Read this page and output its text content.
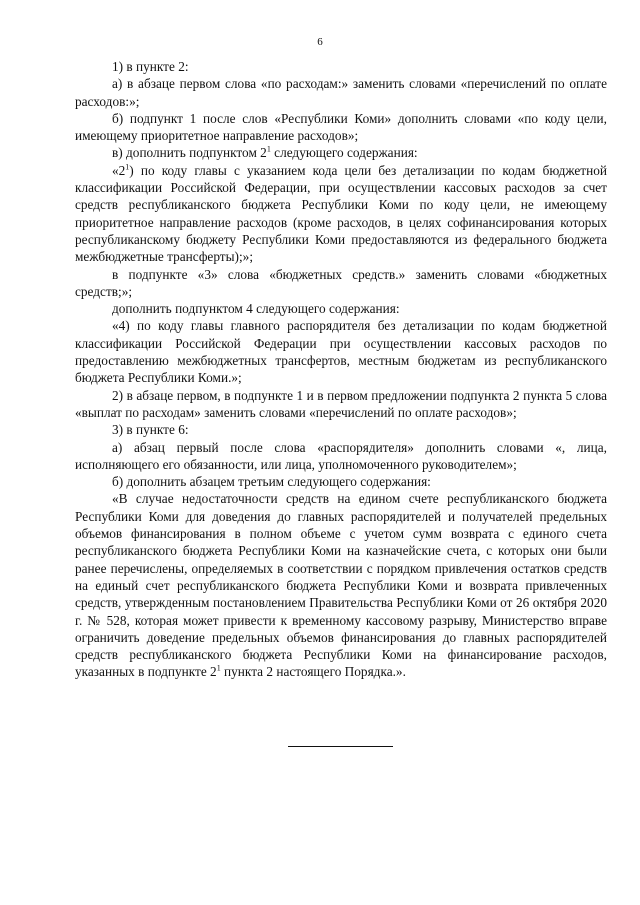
6

1) в пункте 2:

а) в абзаце первом слова «по расходам:» заменить словами «перечислений по оплате расходов:»;

б) подпункт 1 после слов «Республики Коми» дополнить словами «по коду цели, имеющему приоритетное направление расходов»;

в) дополнить подпунктом $2^1$ следующего содержания:

«$2^1$) по коду главы с указанием кода цели без детализации по кодам бюджетной классификации Российской Федерации, при осуществлении кассовых расходов за счет средств республиканского бюджета Республики Коми по коду цели, не имеющему приоритетное направление расходов (кроме расходов, в целях софинансирования которых республиканскому бюджету Республики Коми предоставляются из федерального бюджета межбюджетные трансферты);»;

в подпункте «3» слова «бюджетных средств.» заменить словами «бюджетных средств;»;

дополнить подпунктом 4 следующего содержания:

«4) по коду главы главного распорядителя без детализации по кодам бюджетной классификации Российской Федерации при осуществлении кассовых расходов по предоставлению межбюджетных трансфертов, местным бюджетам из республиканского бюджета Республики Коми.»;

2) в абзаце первом, в подпункте 1 и в первом предложении подпункта 2 пункта 5 слова «выплат по расходам» заменить словами «перечислений по оплате расходов»;

3) в пункте 6:

а) абзац первый после слова «распорядителя» дополнить словами «, лица, исполняющего его обязанности, или лица, уполномоченного руководителем»;

б) дополнить абзацем третьим следующего содержания:

«В случае недостаточности средств на едином счете республиканского бюджета Республики Коми для доведения до главных распорядителей и получателей предельных объемов финансирования в полном объеме с учетом сумм возврата с единого счета республиканского бюджета Республики Коми на казначейские счета, с которых они были ранее перечислены, определяемых в соответствии с порядком привлечения остатков средств на единый счет республиканского бюджета Республики Коми и возврата привлеченных средств, утвержденным постановлением Правительства Республики Коми от 26 октября 2020 г. № 528, которая может привести к временному кассовому разрыву, Министерство вправе ограничить доведение предельных объемов финансирования до главных распорядителей средств республиканского бюджета Республики Коми на финансирование расходов, указанных в подпункте $2^1$ пункта 2 настоящего Порядка.».
